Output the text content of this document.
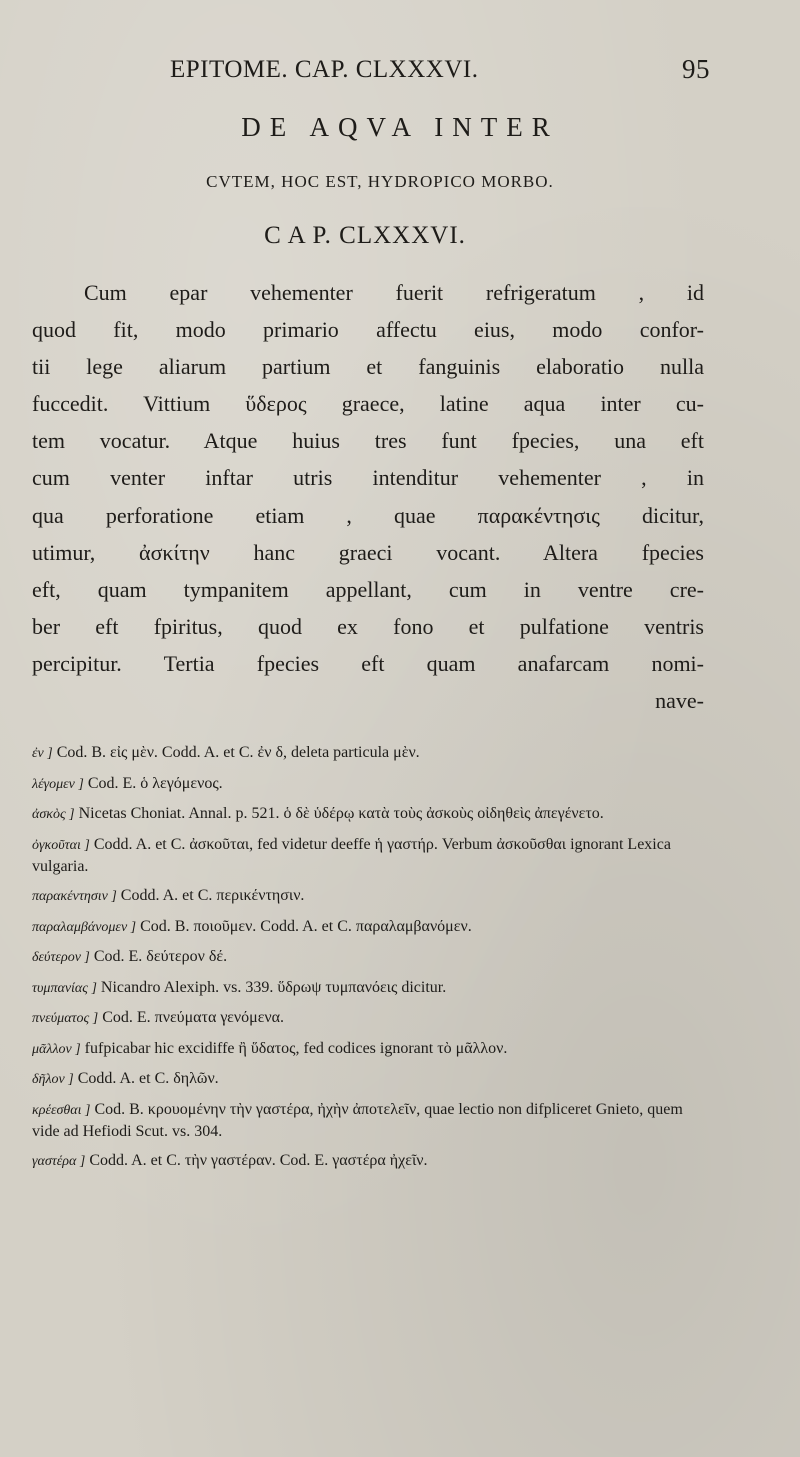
EPITOME. CAP. CLXXXVI.	95
DE AQVA INTER
CVTEM, HOC EST, HYDROPICO MORBO.
C A P. CLXXXVI.
Cum epar vehementer fuerit refrigeratum , id
quod fit, modo primario affectu eius, modo confor-
tii lege aliarum partium et fanguinis elaboratio nulla
fuccedit. Vittium ὕδερος graece, latine aqua inter cu-
tem vocatur. Atque huius tres funt fpecies, una eft
cum venter inftar utris intenditur vehementer , in
qua perforatione etiam , quae παρακέντησις dicitur,
utimur, ἀσκίτην hanc graeci vocant. Altera fpecies
eft, quam tympanitem appellant, cum in ventre cre-
ber eft fpiritus, quod ex fono et pulfatione ventris
percipitur. Tertia fpecies eft quam anafarcam nomi-
nave-
ἐν ] Cod. B. εἰς μὲν. Codd. A. et C. ἐν δ, deleta particula μὲν.
λέγομεν ] Cod. E. ὁ λεγόμενος.
ἀσκὸς ] Nicetas Choniat. Annal. p. 521. ὁ δὲ ὑδέρῳ κατὰ τοὺς ἀσκοὺς οἰδηθεὶς ἀπεγένετο.
ὀγκοῦται ] Codd. A. et C. ἀσκοῦται, fed videtur deeffe ἡ γαστήρ. Verbum ἀσκοῦσθαι ignorant Lexica vulgaria.
παρακέντησιν ] Codd. A. et C. περικέντησιν.
παραλαμβάνομεν ] Cod. B. ποιοῦμεν. Codd. A. et C. παραλαμβανόμεν.
δεύτερον ] Cod. E. δεύτερον δέ.
τυμπανίας ] Nicandro Alexiph. vs. 339. ὕδρωψ τυμπανόεις dicitur.
πνεύματος ] Cod. E. πνεύματα γενόμενα.
μᾶλλον ] fufpicabar hic excidiffe ἢ ὕδατος, fed codices ignorant τὸ μᾶλλον.
δῆλον ] Codd. A. et C. δηλῶν.
κρέεσθαι ] Cod. B. κρουομένην τὴν γαστέρα, ἠχὴν ἀποτελεῖν, quae lectio non difpliceret Gnieto, quem vide ad Hefiodi Scut. vs. 304.
γαστέρα ] Codd. A. et C. τὴν γαστέραν. Cod. E. γαστέρα ἠχεῖν.
